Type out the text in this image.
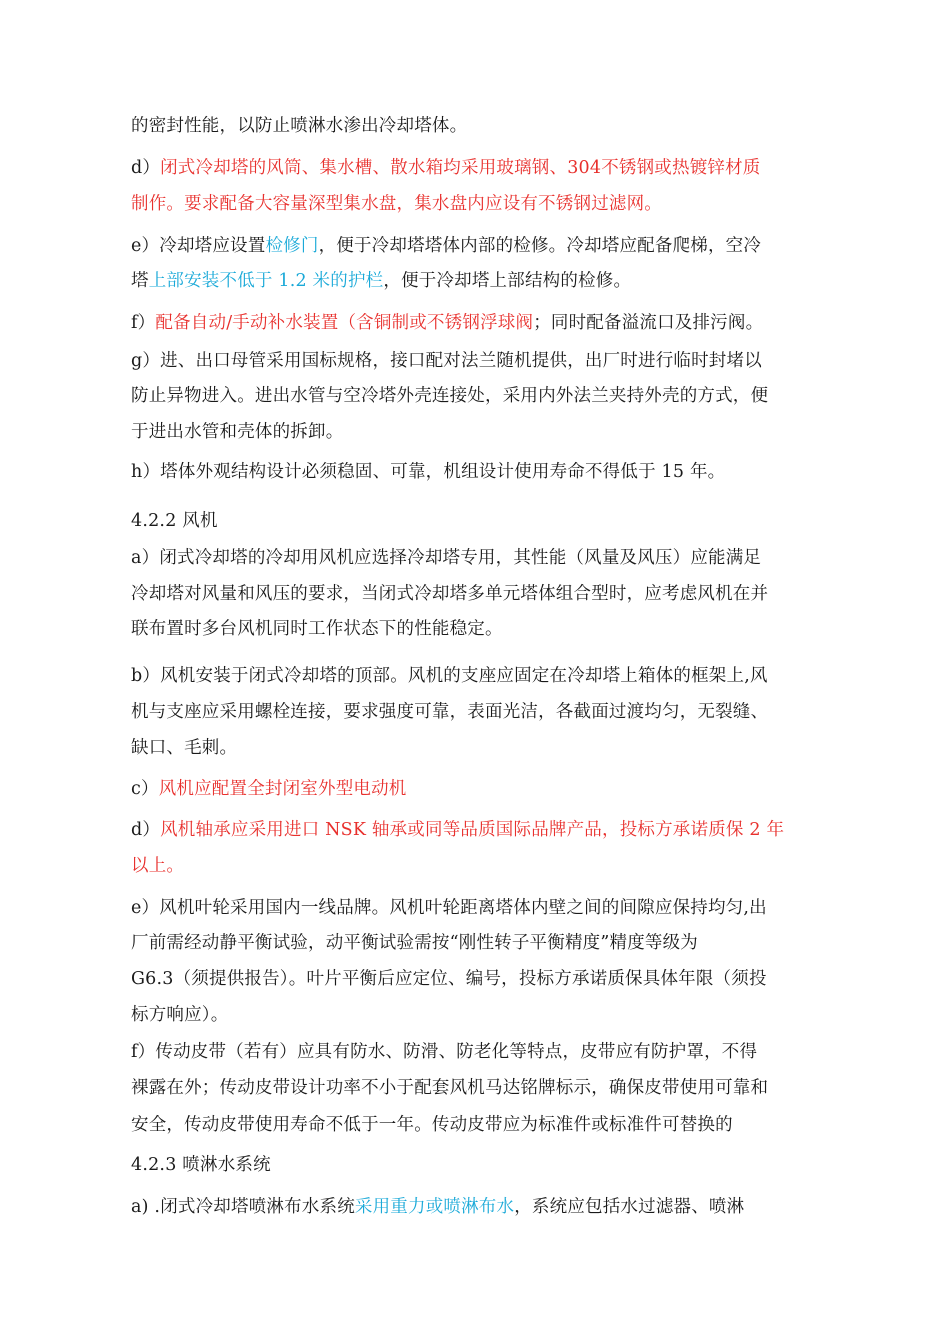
的密封性能，以防止喷淋水渗出冷却塔体。
d）闭式冷却塔的风筒、集水槽、散水箱均采用玻璃钢、304不锈钢或热镀锌材质
制作。要求配备大容量深型集水盘，集水盘内应设有不锈钢过滤网。
e）冷却塔应设置检修门，便于冷却塔塔体内部的检修。冷却塔应配备爬梯，空冷
塔上部安装不低于 1.2 米的护栏，便于冷却塔上部结构的检修。
f）配备自动/手动补水装置（含铜制或不锈钢浮球阀；同时配备溢流口及排污阀。
g）进、出口母管采用国标规格，接口配对法兰随机提供，出厂时进行临时封堵以
防止异物进入。进出水管与空冷塔外壳连接处，采用内外法兰夹持外壳的方式，便
于进出水管和壳体的拆卸。
h）塔体外观结构设计必须稳固、可靠，机组设计使用寿命不得低于 15 年。
4.2.2 风机
a）闭式冷却塔的冷却用风机应选择冷却塔专用，其性能（风量及风压）应能满足
冷却塔对风量和风压的要求，当闭式冷却塔多单元塔体组合型时，应考虑风机在并
联布置时多台风机同时工作状态下的性能稳定。
b）风机安装于闭式冷却塔的顶部。风机的支座应固定在冷却塔上箱体的框架上,风
机与支座应采用螺栓连接，要求强度可靠，表面光洁，各截面过渡均匀，无裂缝、
缺口、毛刺。
c）风机应配置全封闭室外型电动机
d）风机轴承应采用进口 NSK 轴承或同等品质国际品牌产品，投标方承诺质保 2 年
以上。
e）风机叶轮采用国内一线品牌。风机叶轮距离塔体内壁之间的间隙应保持均匀,出
厂前需经动静平衡试验，动平衡试验需按“刚性转子平衡精度”精度等级为
G6.3（须提供报告）。叶片平衡后应定位、编号，投标方承诺质保具体年限（须投
标方响应）。
f）传动皮带（若有）应具有防水、防滑、防老化等特点，皮带应有防护罩，不得
裸露在外；传动皮带设计功率不小于配套风机马达铭牌标示，确保皮带使用可靠和
安全，传动皮带使用寿命不低于一年。传动皮带应为标准件或标准件可替换的
4.2.3 喷淋水系统
a) .闭式冷却塔喷淋布水系统采用重力或喷淋布水，系统应包括水过滤器、喷淋
